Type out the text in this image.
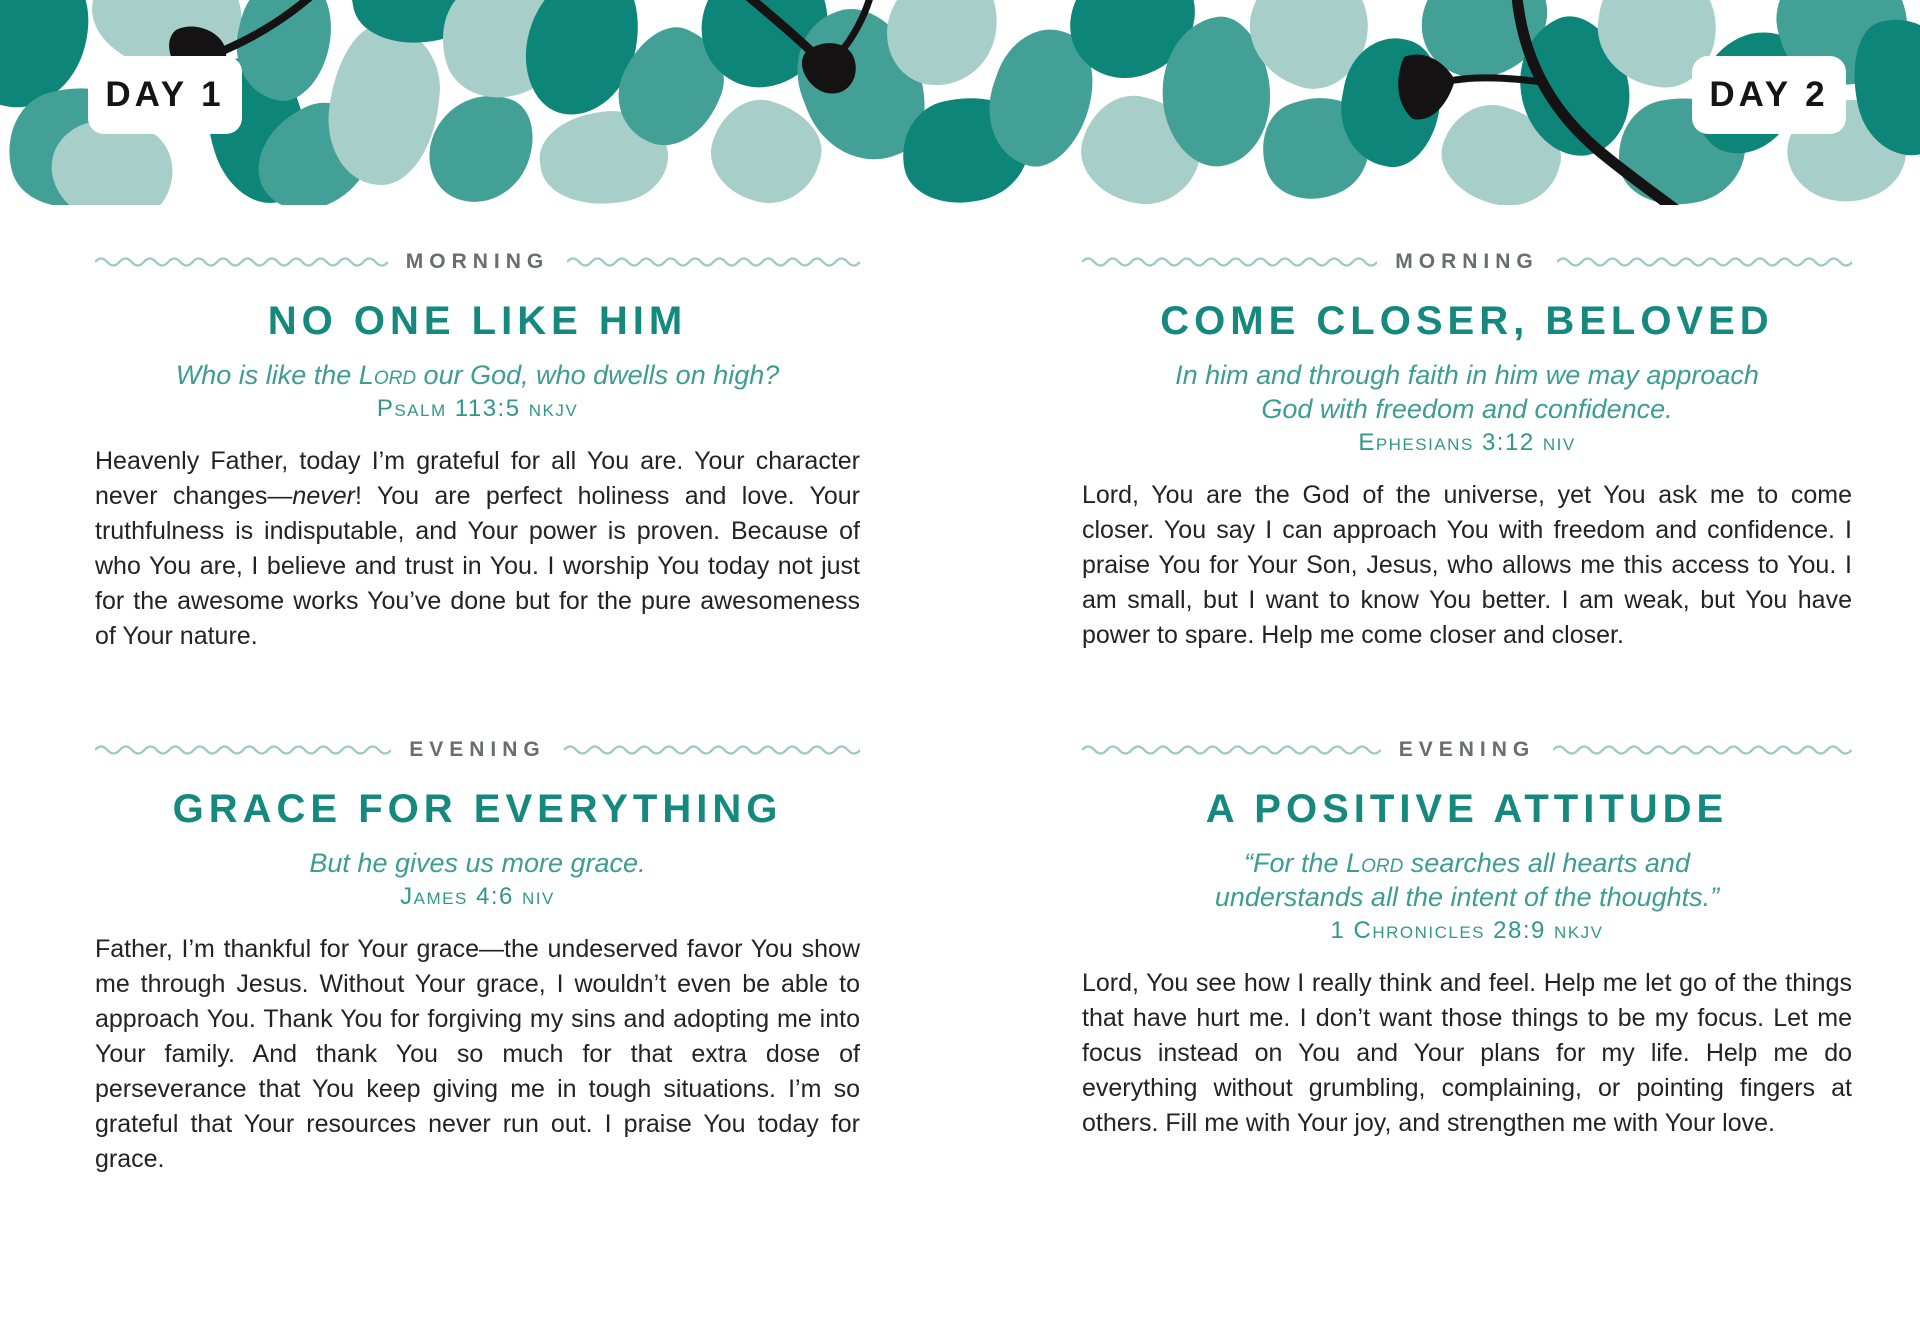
DAY 1	DAY 2
MORNING
NO ONE LIKE HIM

Who is like the Lord our God, who dwells on high?

Psalm 113:5 nkjv

Heavenly Father, today I’m grateful for all You are. Your character never changes—never! You are perfect holiness and love. Your truthfulness is indisputable, and Your power is proven. Because of who You are, I believe and trust in You. I worship You today not just for the awesome works You’ve done but for the pure awesomeness of Your nature.

EVENING
GRACE FOR EVERYTHING

But he gives us more grace.

James 4:6 niv

Father, I’m thankful for Your grace—the undeserved favor You show me through Jesus. Without Your grace, I wouldn’t even be able to approach You. Thank You for forgiving my sins and adopting me into Your family. And thank You so much for that extra dose of perseverance that You keep giving me in tough situations. I’m so grateful that Your resources never run out. I praise You today for grace.

MORNING
COME CLOSER, BELOVED

In him and through faith in him we may approach God with freedom and confidence.

Ephesians 3:12 niv

Lord, You are the God of the universe, yet You ask me to come closer. You say I can approach You with freedom and confidence. I praise You for Your Son, Jesus, who allows me this access to You. I am small, but I want to know You better. I am weak, but You have power to spare. Help me come closer and closer.

EVENING
A POSITIVE ATTITUDE

“For the Lord searches all hearts and understands all the intent of the thoughts.”

1 Chronicles 28:9 nkjv

Lord, You see how I really think and feel. Help me let go of the things that have hurt me. I don’t want those things to be my focus. Let me focus instead on You and Your plans for my life. Help me do everything without grumbling, complaining, or pointing fingers at others. Fill me with Your joy, and strengthen me with Your love.
